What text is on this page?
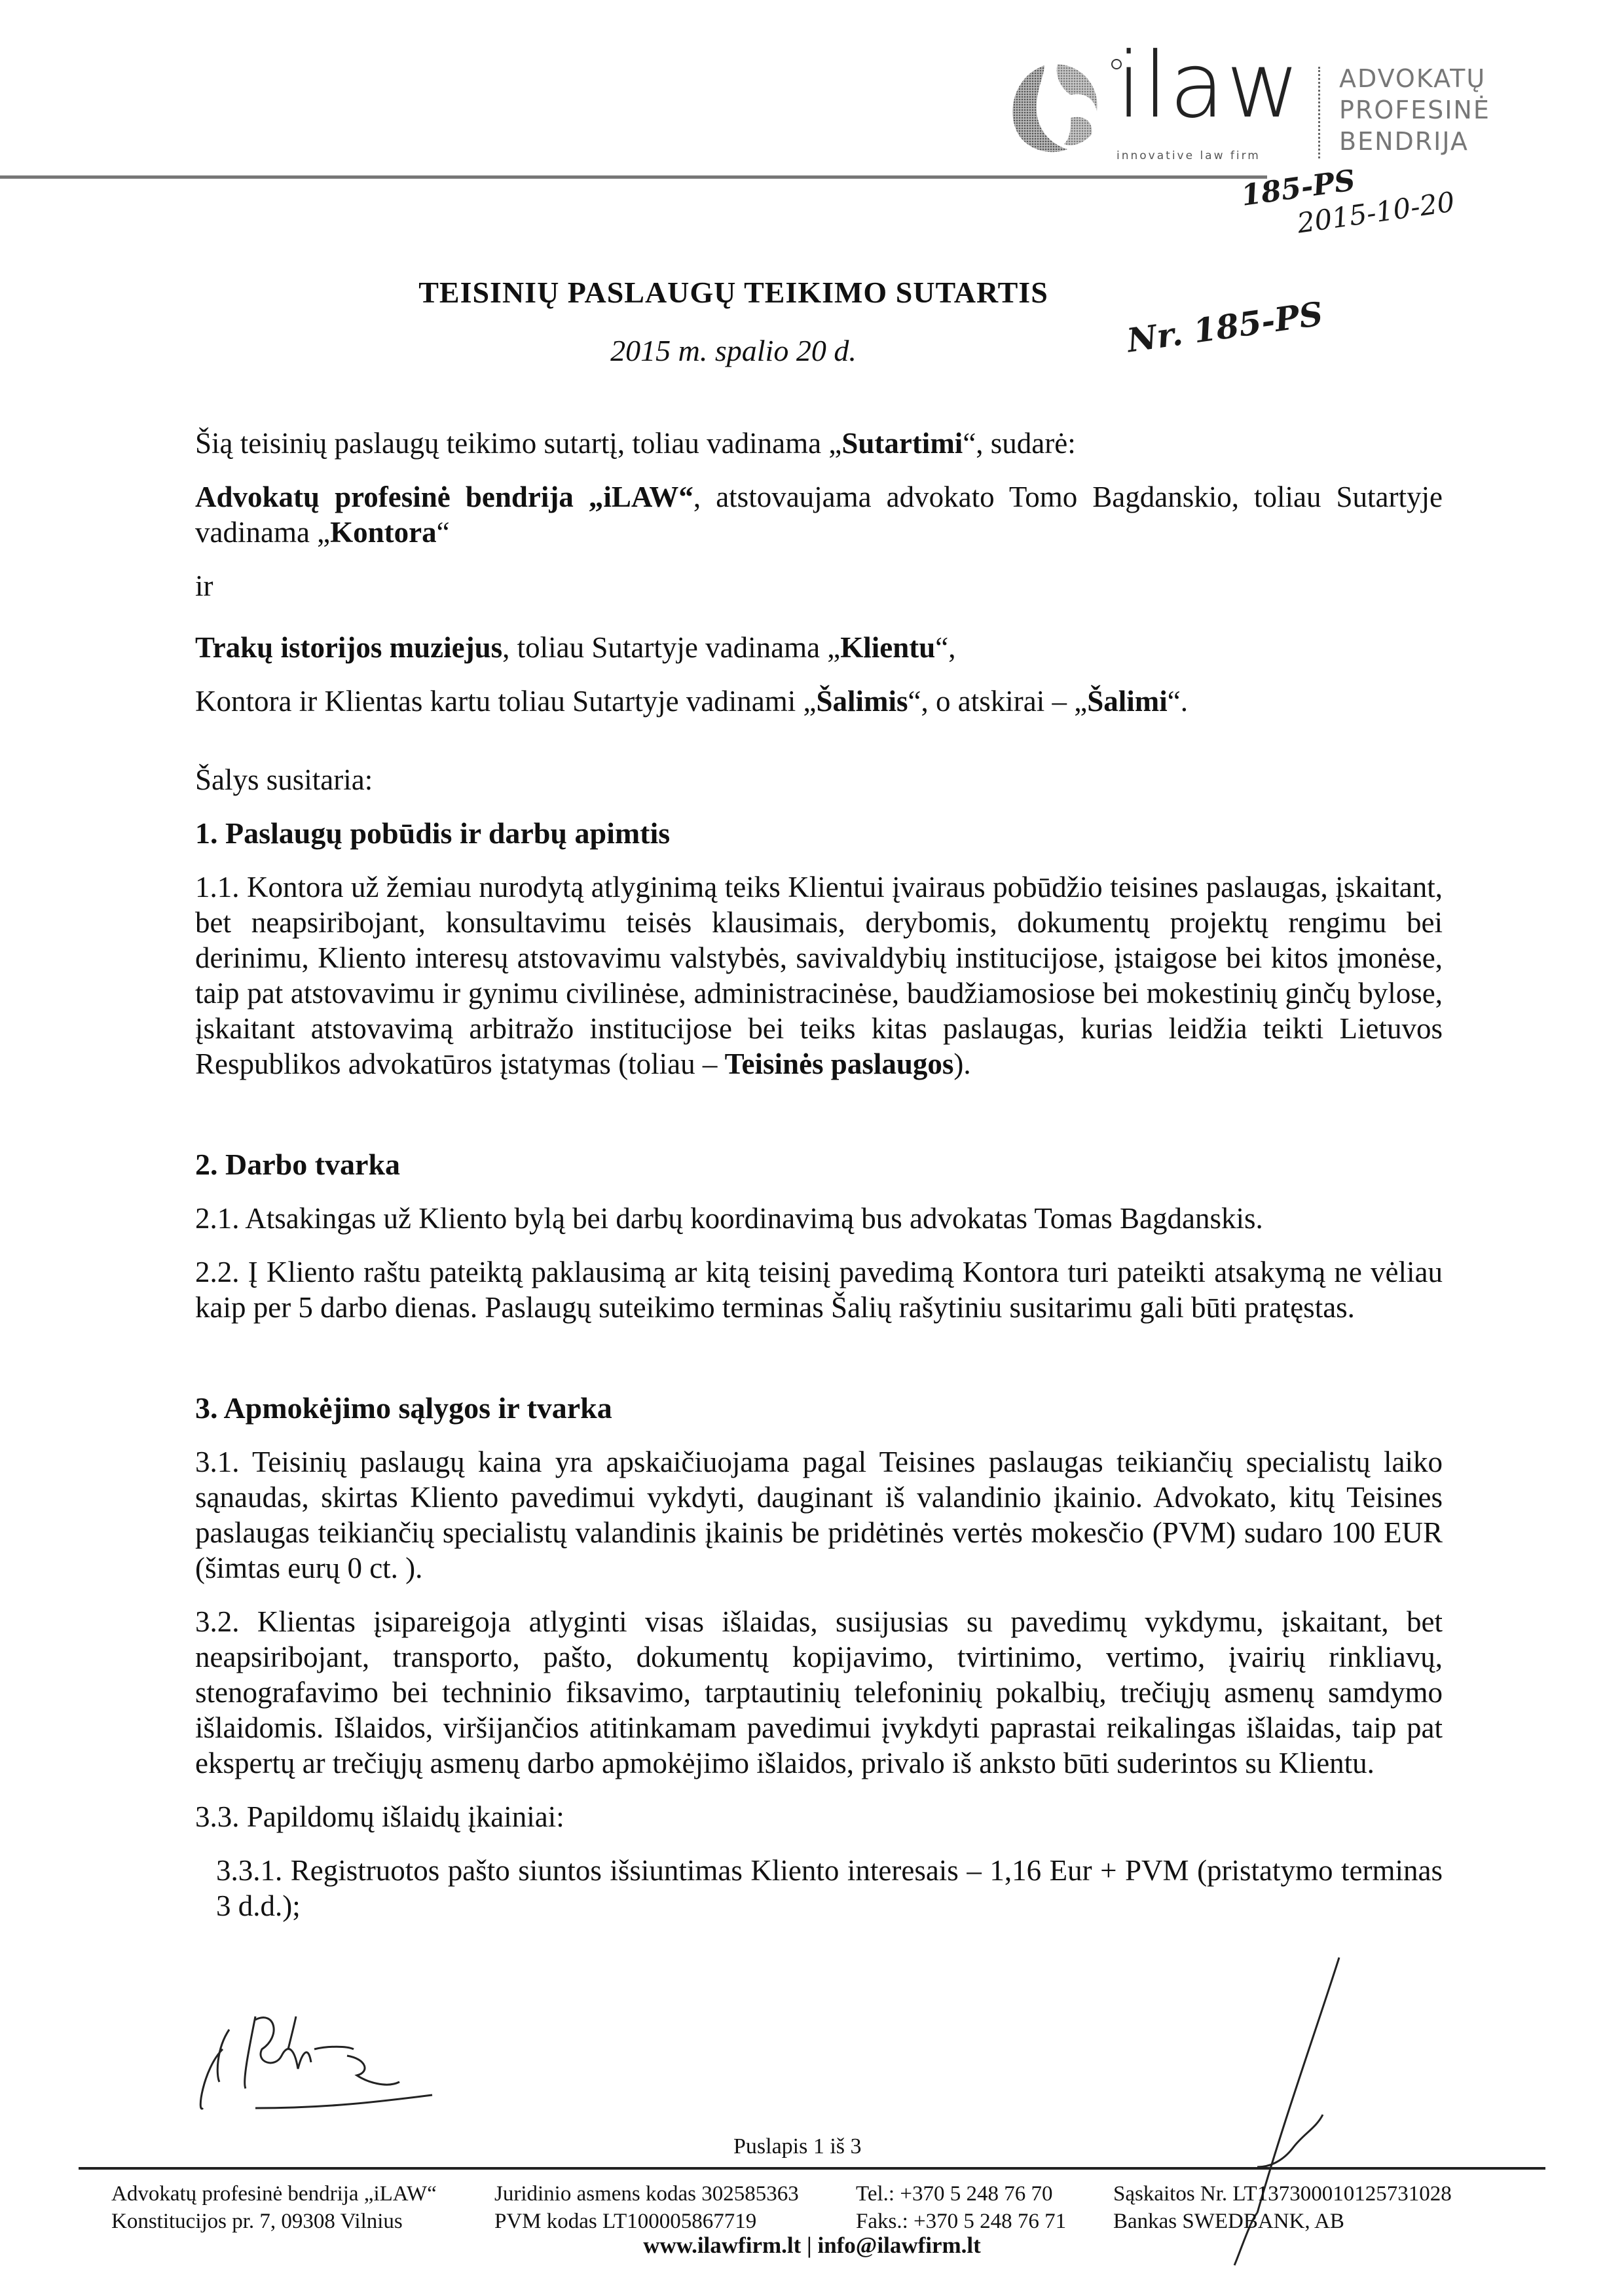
ilaw
innovative law firm
ADVOKATŲ
PROFESINĖ
BENDRIJA
185-PS
2015-10-20
TEISINIŲ PASLAUGŲ TEIKIMO SUTARTIS
2015 m. spalio 20 d.	Nr. 185-PS

Šią teisinių paslaugų teikimo sutartį, toliau vadinama „Sutartimi“, sudarė:

Advokatų profesinė bendrija „iLAW“, atstovaujama advokato Tomo Bagdanskio, toliau Sutartyje vadinama „Kontora“

ir

Trakų istorijos muziejus, toliau Sutartyje vadinama „Klientu“,

Kontora ir Klientas kartu toliau Sutartyje vadinami „Šalimis“, o atskirai – „Šalimi“.

Šalys susitaria:

1. Paslaugų pobūdis ir darbų apimtis

1.1. Kontora už žemiau nurodytą atlyginimą teiks Klientui įvairaus pobūdžio teisines paslaugas, įskaitant, bet neapsiribojant, konsultavimu teisės klausimais, derybomis, dokumentų projektų rengimu bei derinimu, Kliento interesų atstovavimu valstybės, savivaldybių institucijose, įstaigose bei kitos įmonėse, taip pat atstovavimu ir gynimu civilinėse, administracinėse, baudžiamosiose bei mokestinių ginčų bylose, įskaitant atstovavimą arbitražo institucijose bei teiks kitas paslaugas, kurias leidžia teikti Lietuvos Respublikos advokatūros įstatymas (toliau – Teisinės paslaugos).

2. Darbo tvarka

2.1. Atsakingas už Kliento bylą bei darbų koordinavimą bus advokatas Tomas Bagdanskis.

2.2. Į Kliento raštu pateiktą paklausimą ar kitą teisinį pavedimą Kontora turi pateikti atsakymą ne vėliau kaip per 5 darbo dienas. Paslaugų suteikimo terminas Šalių rašytiniu susitarimu gali būti pratęstas.

3. Apmokėjimo sąlygos ir tvarka

3.1. Teisinių paslaugų kaina yra apskaičiuojama pagal Teisines paslaugas teikiančių specialistų laiko sąnaudas, skirtas Kliento pavedimui vykdyti, dauginant iš valandinio įkainio. Advokato, kitų Teisines paslaugas teikiančių specialistų valandinis įkainis be pridėtinės vertės mokesčio (PVM) sudaro 100 EUR (šimtas eurų 0 ct. ).

3.2. Klientas įsipareigoja atlyginti visas išlaidas, susijusias su pavedimų vykdymu, įskaitant, bet neapsiribojant, transporto, pašto, dokumentų kopijavimo, tvirtinimo, vertimo, įvairių rinkliavų, stenografavimo bei techninio fiksavimo, tarptautinių telefoninių pokalbių, trečiųjų asmenų samdymo išlaidomis. Išlaidos, viršijančios atitinkamam pavedimui įvykdyti paprastai reikalingas išlaidas, taip pat ekspertų ar trečiųjų asmenų darbo apmokėjimo išlaidos, privalo iš anksto būti suderintos su Klientu.

3.3. Papildomų išlaidų įkainiai:

3.3.1. Registruotos pašto siuntos išsiuntimas Kliento interesais – 1,16 Eur + PVM (pristatymo terminas 3 d.d.);

Puslapis 1 iš 3
Advokatų profesinė bendrija „iLAW“
Konstitucijos pr. 7, 09308 Vilnius
Juridinio asmens kodas 302585363
PVM kodas LT100005867719
Tel.: +370 5 248 76 70
Faks.: +370 5 248 76 71
Sąskaitos Nr. LT137300010125731028
Bankas SWEDBANK, AB
www.ilawfirm.lt | info@ilawfirm.lt
